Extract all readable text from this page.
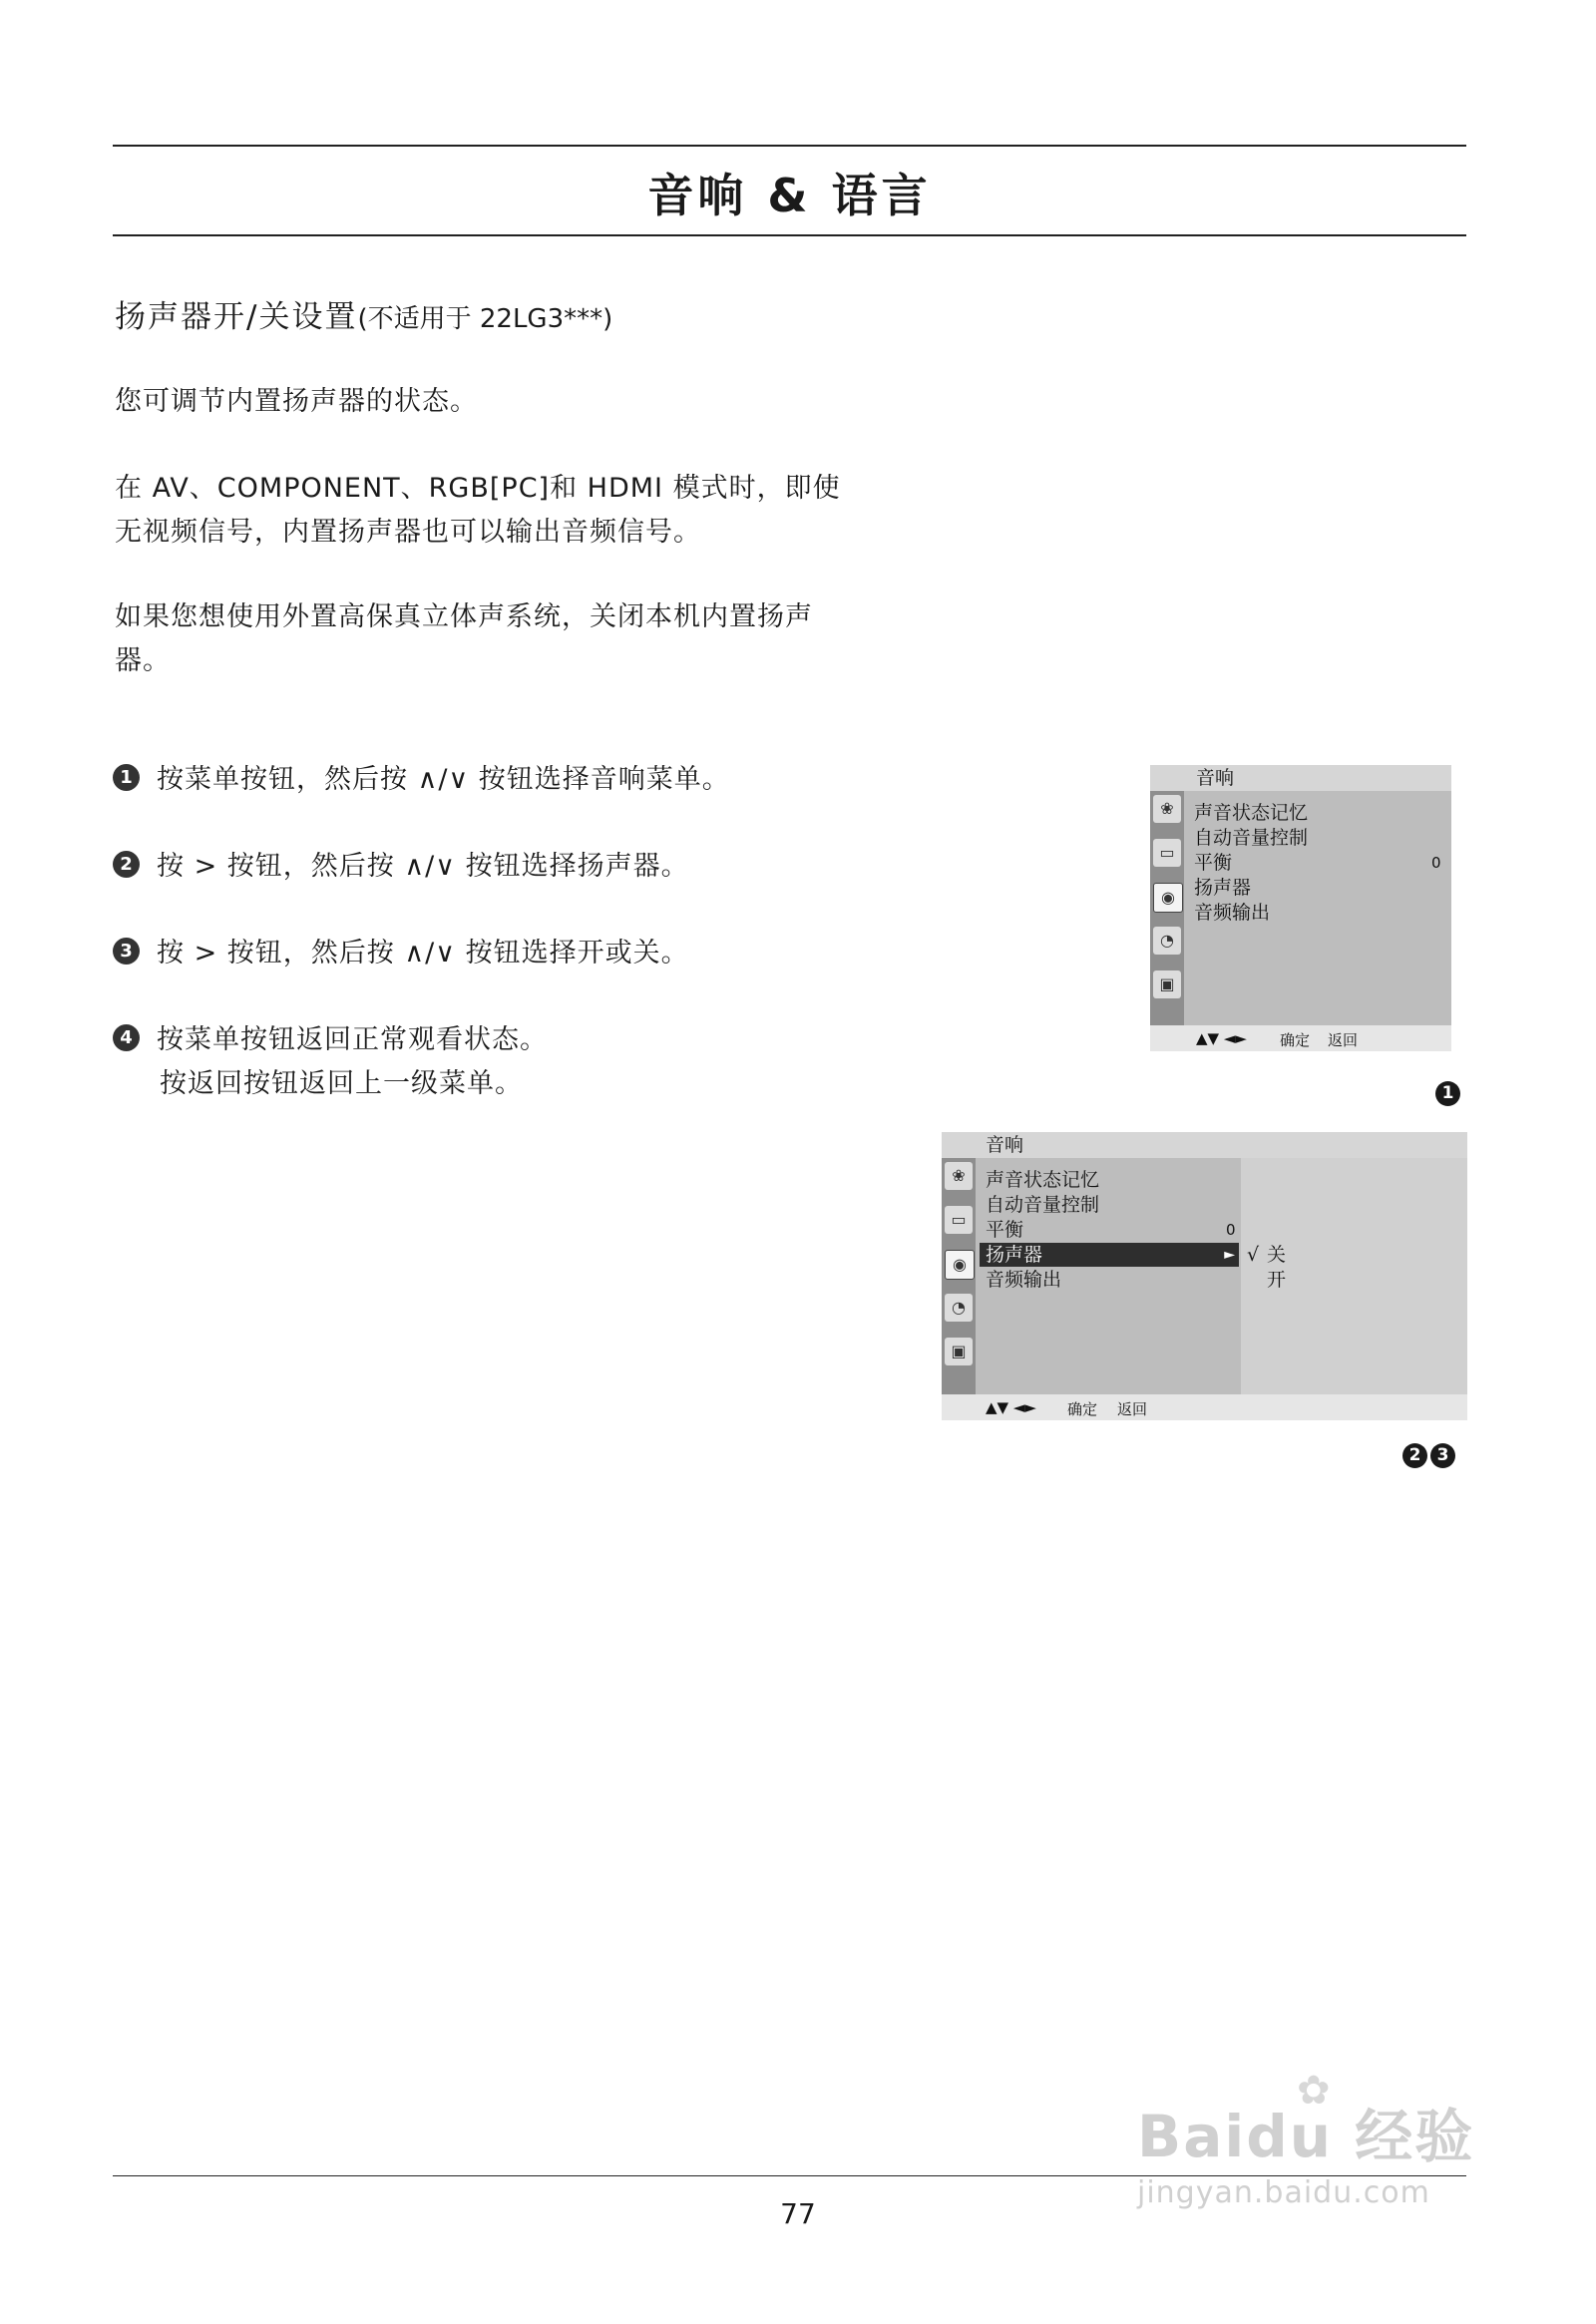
音响 & 语言
扬声器开/关设置(不适用于 22LG3***)

您可调节内置扬声器的状态。

在 AV、COMPONENT、RGB[PC]和 HDMI 模式时，即使无视频信号，内置扬声器也可以输出音频信号。

如果您想使用外置高保真立体声系统，关闭本机内置扬声器。

1 按菜单按钮，然后按 ∧/∨ 按钮选择音响菜单。
2 按 > 按钮，然后按 ∧/∨ 按钮选择扬声器。
3 按 > 按钮，然后按 ∧/∨ 按钮选择开或关。
4 按菜单按钮返回正常观看状态。
按返回按钮返回上一级菜单。
音响
❀
▭
◉
◔
▣
声音状态记忆
自动音量控制
平衡	0
扬声器
音频输出
▲▼ ◄► 确定 返回
1
音响
❀
▭
◉
◔
▣
声音状态记忆
自动音量控制
平衡	0
扬声器	►
音频输出
√ 关
开
▲▼ ◄► 确定 返回
2 3
77
✿
Baidu 经验
jingyan.baidu.com
